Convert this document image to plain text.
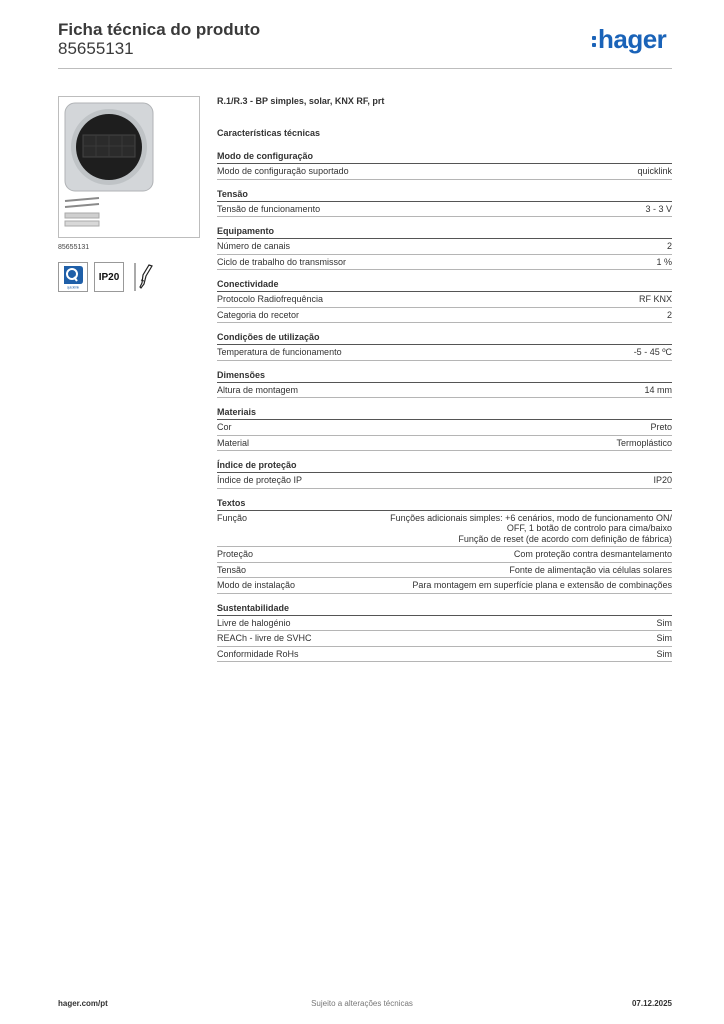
Ficha técnica do produto
85655131	hager
85655131
quicklink
IP20
R.1/R.3 - BP simples, solar, KNX RF, prt
Características técnicas
Modo de configuração
Modo de configuração suportado	quicklink
Tensão
Tensão de funcionamento	3 - 3 V
Equipamento
Número de canais	2
Ciclo de trabalho do transmissor	1 %
Conectividade
Protocolo Radiofrequência	RF KNX
Categoria do recetor	2
Condições de utilização
Temperatura de funcionamento	-5 - 45 ºC
Dimensões
Altura de montagem	14 mm
Materiais
Cor	Preto
Material	Termoplástico
Índice de proteção
Índice de proteção IP	IP20
Textos
Função	Funções adicionais simples: +6 cenários, modo de funcionamento ON/
OFF, 1 botão de controlo para cima/baixo
Função de reset (de acordo com definição de fábrica)
Proteção	Com proteção contra desmantelamento
Tensão	Fonte de alimentação via células solares
Modo de instalação	Para montagem em superfície plana e extensão de combinações
Sustentabilidade
Livre de halogénio	Sim
REACh - livre de SVHC	Sim
Conformidade RoHs	Sim
hager.com/pt	Sujeito a alterações técnicas	07.12.2025
